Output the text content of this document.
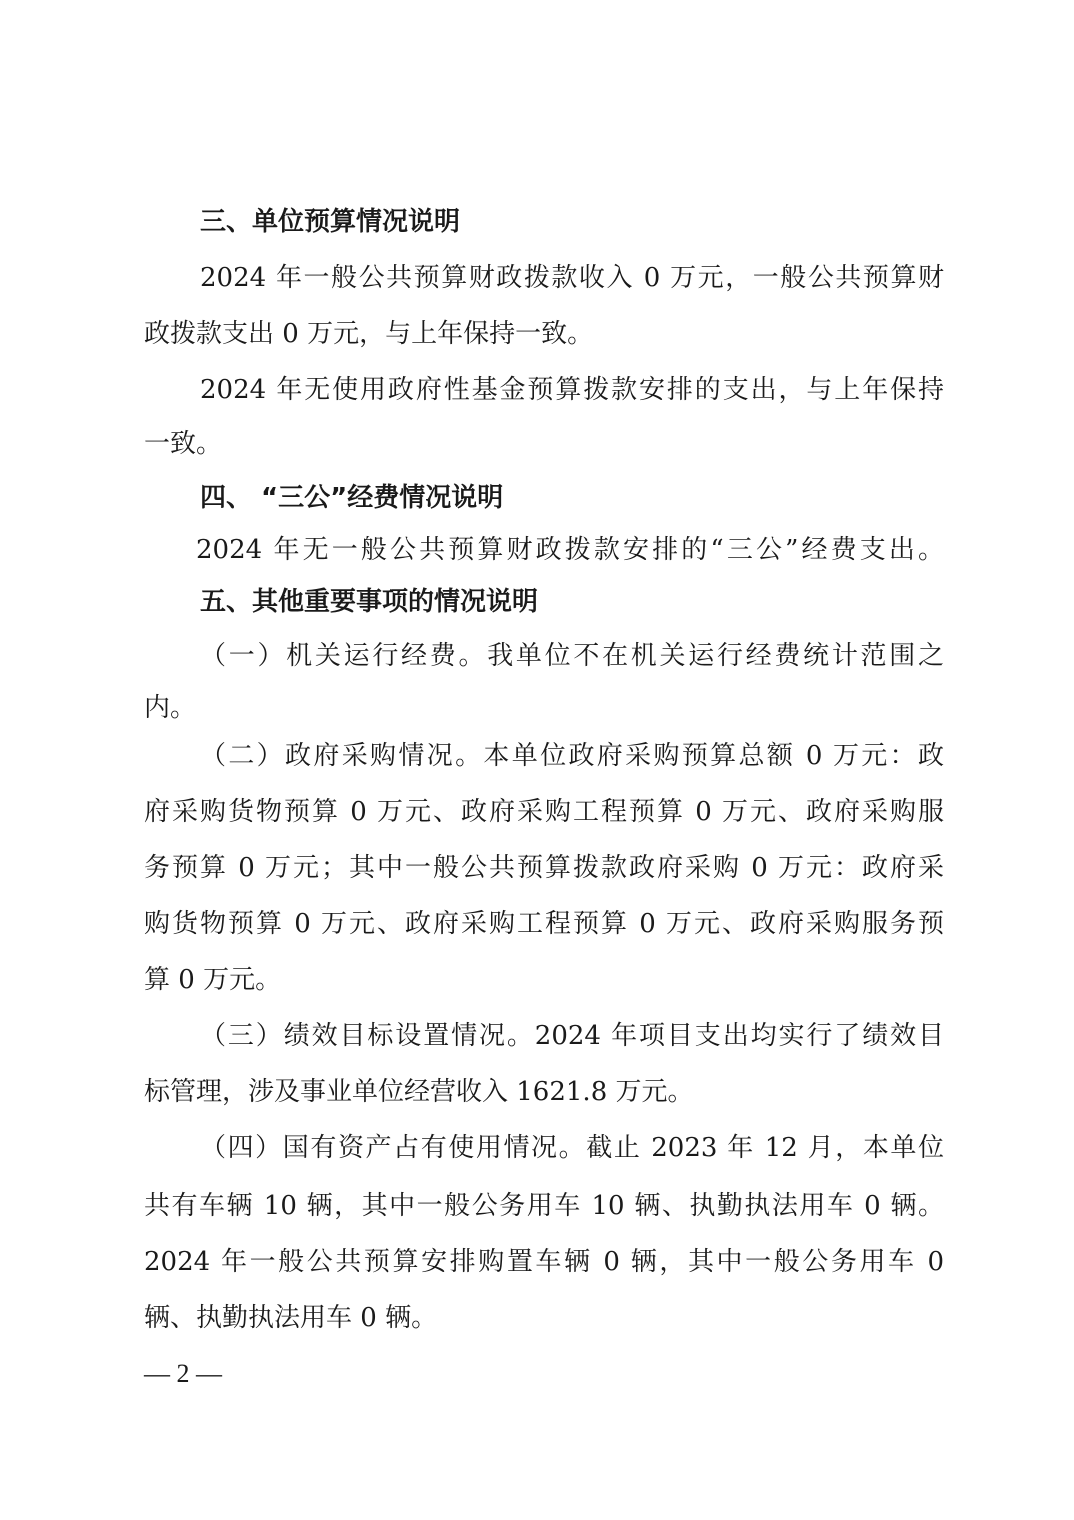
三、单位预算情况说明
2024 年一般公共预算财政拨款收入 0 万元，一般公共预算财
政拨款支出 0 万元，与上年保持一致。
2024 年无使用政府性基金预算拨款安排的支出，与上年保持
一致。
四、 “三公”经费情况说明
2024 年无一般公共预算财政拨款安排的“三公”经费支出。
五、其他重要事项的情况说明
（一）机关运行经费。我单位不在机关运行经费统计范围之
内。
（二）政府采购情况。本单位政府采购预算总额 0 万元：政
府采购货物预算 0 万元、政府采购工程预算 0 万元、政府采购服
务预算 0 万元；其中一般公共预算拨款政府采购 0 万元：政府采
购货物预算 0 万元、政府采购工程预算 0 万元、政府采购服务预
算 0 万元。
（三）绩效目标设置情况。2024 年项目支出均实行了绩效目
标管理，涉及事业单位经营收入 1621.8 万元。
（四）国有资产占有使用情况。截止 2023 年 12 月，本单位
共有车辆 10 辆，其中一般公务用车 10 辆、执勤执法用车 0 辆。
2024 年一般公共预算安排购置车辆 0 辆，其中一般公务用车 0
辆、执勤执法用车 0 辆。
— 2 —
